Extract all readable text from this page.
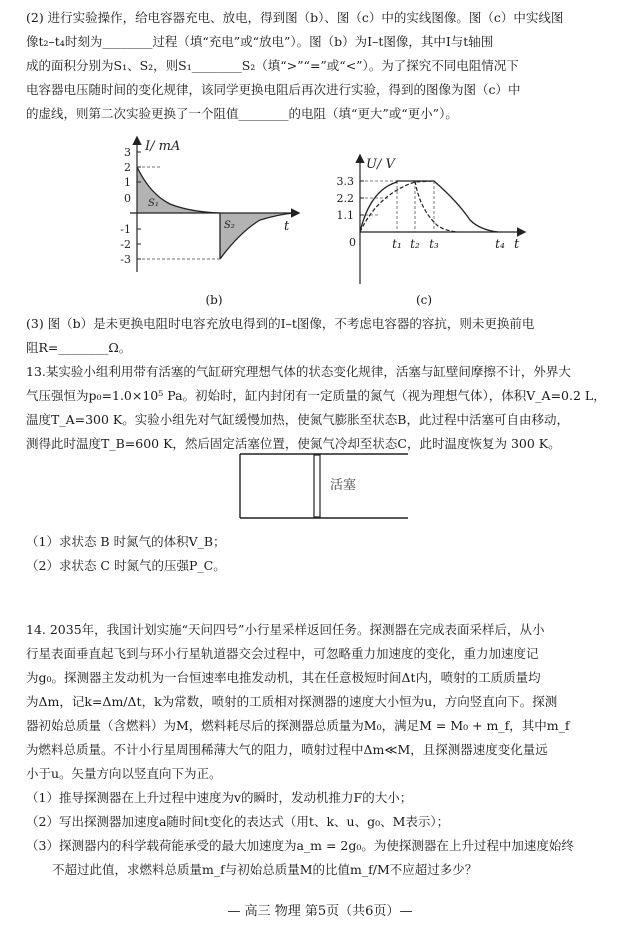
(2) 进行实验操作，给电容器充电、放电，得到图（b）、图（c）中的实线图像。图（c）中实线图
像t₂–t₄时刻为________过程（填“充电”或“放电”）。图（b）为I–t图像，其中I与t轴围
成的面积分别为S₁、S₂，则S₁________S₂（填“>”“=”或“<”）。为了探究不同电阻情况下
电容器电压随时间的变化规律，该同学更换电阻后再次进行实验，得到的图像为图（c）中
的虚线，则第二次实验更换了一个阻值________的电阻（填“更大”或“更小”）。
3
2
1
0
-1
-2
-3
I/ mA
t
S₁
S₂
(b)
3.3
2.2
1.1
0	t₁ t₂ t₃	t₄
U/ V
t
(c)
(3) 图（b）是未更换电阻时电容充放电得到的I–t图像，不考虑电容器的容抗，则未更换前电
阻R=________Ω。
13.某实验小组利用带有活塞的气缸研究理想气体的状态变化规律，活塞与缸壁间摩擦不计，外界大
气压强恒为p₀=1.0×10⁵ Pa。初始时，缸内封闭有一定质量的氮气（视为理想气体），体积V_A=0.2 L，
温度T_A=300 K。实验小组先对气缸缓慢加热，使氮气膨胀至状态B，此过程中活塞可自由移动，
测得此时温度T_B=600 K，然后固定活塞位置，使氮气冷却至状态C，此时温度恢复为 300 K。
活塞
（1）求状态 B 时氮气的体积V_B；
（2）求状态 C 时氮气的压强P_C。
14. 2035年，我国计划实施“天问四号”小行星采样返回任务。探测器在完成表面采样后，从小
行星表面垂直起飞到与环小行星轨道器交会过程中，可忽略重力加速度的变化，重力加速度记
为g₀。探测器主发动机为一台恒速率电推发动机，其在任意极短时间Δt内，喷射的工质质量均
为Δm，记k=Δm/Δt，k为常数，喷射的工质相对探测器的速度大小恒为u，方向竖直向下。探测
器初始总质量（含燃料）为M，燃料耗尽后的探测器总质量为M₀，满足M = M₀ + m_f，其中m_f
为燃料总质量。不计小行星周围稀薄大气的阻力，喷射过程中Δm≪M，且探测器速度变化量远
小于u。矢量方向以竖直向下为正。
（1）推导探测器在上升过程中速度为v的瞬时，发动机推力F的大小；
（2）写出探测器加速度a随时间t变化的表达式（用t、k、u、g₀、M表示）；
（3）探测器内的科学载荷能承受的最大加速度为a_m = 2g₀。为使探测器在上升过程中加速度始终
不超过此值，求燃料总质量m_f与初始总质量M的比值m_f/M不应超过多少？
— 高三 物理 第5页（共6页）—
